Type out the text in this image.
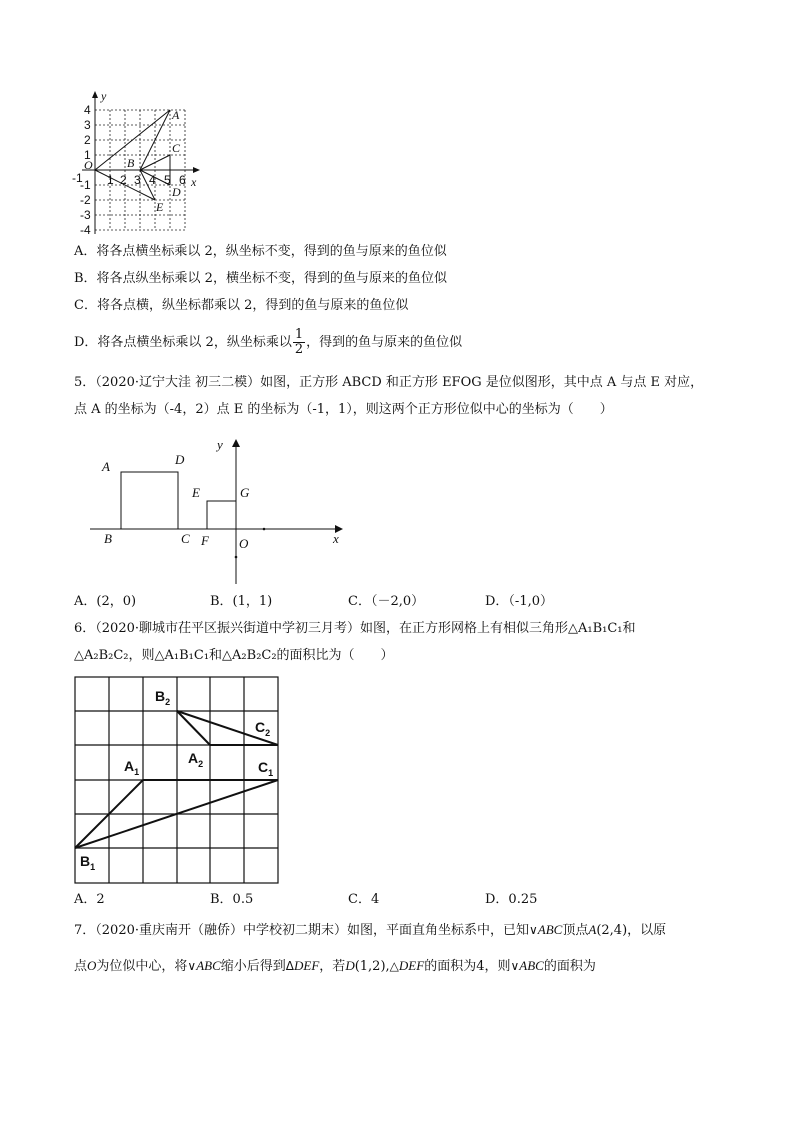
y
x
O
4
3
2
1
-1
-1
-2
-3
-4
1 2 3 4 5 6
A
B
C
D
E
A．将各点横坐标乘以 2，纵坐标不变，得到的鱼与原来的鱼位似
B．将各点纵坐标乘以 2，横坐标不变，得到的鱼与原来的鱼位似
C．将各点横，纵坐标都乘以 2，得到的鱼与原来的鱼位似
D．将各点横坐标乘以 2，纵坐标乘以 $\frac{1}{2}$ ，得到的鱼与原来的鱼位似
5．（2020·辽宁大洼 初三二模）如图，正方形 ABCD 和正方形 EFOG 是位似图形，其中点 A 与点 E 对应，
点 A 的坐标为（-4，2）点 E 的坐标为（-1，1），则这两个正方形位似中心的坐标为（　　）
y
x
A	D
B	C
E	G
F O
A．(2，0)	B．(1，1)	C．（－2,0）	D．（-1,0）
6．（2020·聊城市茌平区振兴街道中学初三月考）如图，在正方形网格上有相似三角形△A₁B₁C₁和
△A₂B₂C₂，则△A₁B₁C₁和△A₂B₂C₂的面积比为（　　）
$B_2$
$C_2$
$A_2$
$A_1$	$C_1$
$B_1$
A．2	B．0.5	C．4	D．0.25
7．（2020·重庆南开（融侨）中学校初二期末）如图，平面直角坐标系中，已知∨ABC顶点A(2,4)，以原
点O为位似中心，将∨ABC缩小后得到ΔDEF，若D(1,2),△DEF的面积为4，则∨ABC的面积为
